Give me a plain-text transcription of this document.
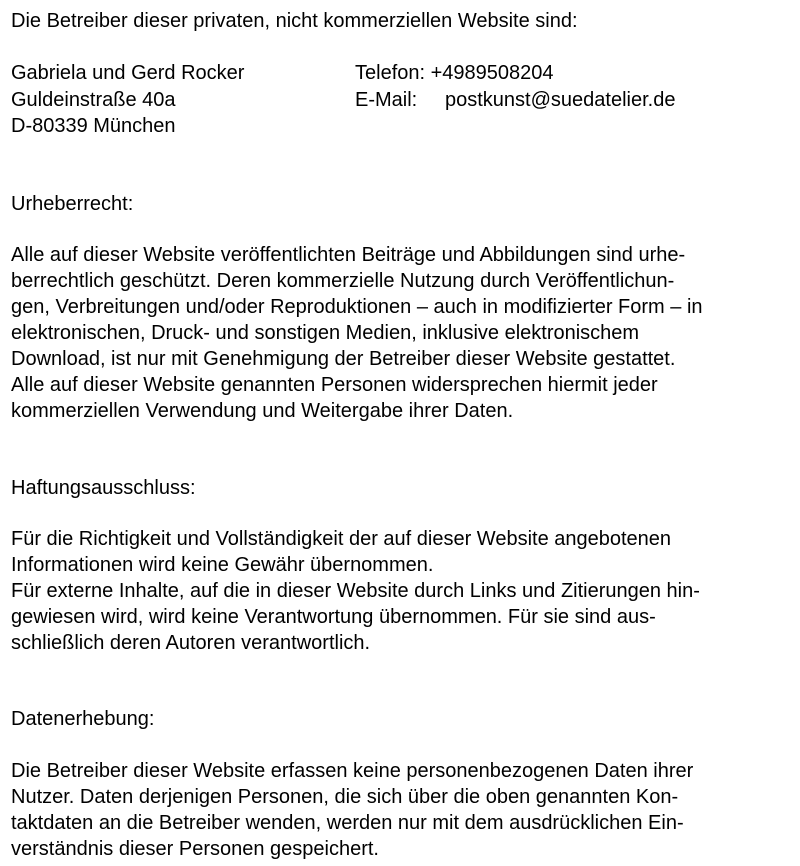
Die Betreiber dieser privaten, nicht kommerziellen Website sind:
Gabriela und Gerd Rocker
Guldeinstraße 40a
D-80339 München
Telefon: +4989508204
E-Mail: postkunst@suedatelier.de
Urheberrecht:
Alle auf dieser Website veröffentlichten Beiträge und Abbildungen sind urhe-
berrechtlich geschützt. Deren kommerzielle Nutzung durch Veröffentlichun-
gen, Verbreitungen und/oder Reproduktionen – auch in modifizierter Form – in
elektronischen, Druck- und sonstigen Medien, inklusive elektronischem
Download, ist nur mit Genehmigung der Betreiber dieser Website gestattet.
Alle auf dieser Website genannten Personen widersprechen hiermit jeder
kommerziellen Verwendung und Weitergabe ihrer Daten.
Haftungsausschluss:
Für die Richtigkeit und Vollständigkeit der auf dieser Website angebotenen
Informationen wird keine Gewähr übernommen.
Für externe Inhalte, auf die in dieser Website durch Links und Zitierungen hin-
gewiesen wird, wird keine Verantwortung übernommen. Für sie sind aus-
schließlich deren Autoren verantwortlich.
Datenerhebung:
Die Betreiber dieser Website erfassen keine personenbezogenen Daten ihrer
Nutzer. Daten derjenigen Personen, die sich über die oben genannten Kon-
taktdaten an die Betreiber wenden, werden nur mit dem ausdrücklichen Ein-
verständnis dieser Personen gespeichert.
